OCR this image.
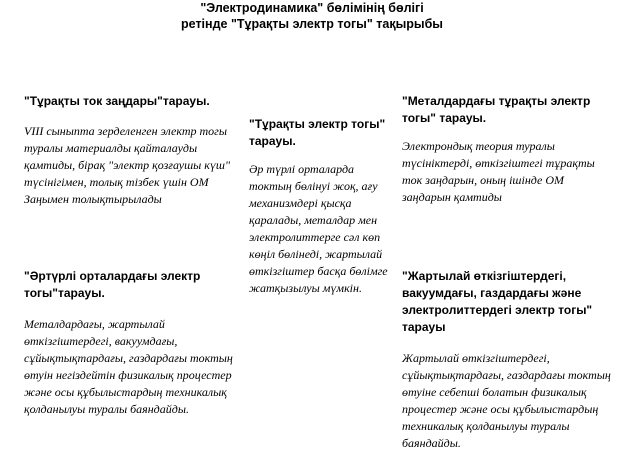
"Электродинамика" бөлімінің бөлігі
ретінде "Тұрақты электр тогы" тақырыбы
"Тұрақты ток заңдары"тарауы.

VIII сыныпта зерделенген электр тогы туралы материалды қайталауды қамтиды, бірақ "электр қозғаушы күш" түсінігімен, толық тізбек үшін ОМ Заңымен толықтырылады

"Тұрақты электр тогы" тарауы.

Әр түрлі орталарда токтың бөлінуі жоқ, ағу механизмдері қысқа қаралады, металдар мен электролиттерге сәл көп көңіл бөлінеді, жартылай өткізгіштер басқа бөлімге жатқызылуы мүмкін.

"Металдардағы тұрақты электр тогы" тарауы.

Электрондық теория туралы түсініктерді, өткізгіштегі тұрақты ток заңдарын, оның ішінде ОМ заңдарын қамтиды

"Әртүрлі орталардағы электр тогы"тарауы.

Металдардағы, жартылай өткізгіштердегі, вакуумдағы, сұйықтықтардағы, газдардағы токтың өтуін негіздейтін физикалық процестер және осы құбылыстардың техникалық қолданылуы туралы баяндайды.

"Жартылай өткізгіштердегі, вакуумдағы, газдардағы және электролиттердегі электр тогы" тарауы

Жартылай өткізгіштердегі, сұйықтықтардағы, газдардағы токтың өтуіне себепші болатын физикалық процестер және осы құбылыстардың техникалық қолданылуы туралы баяндайды.
